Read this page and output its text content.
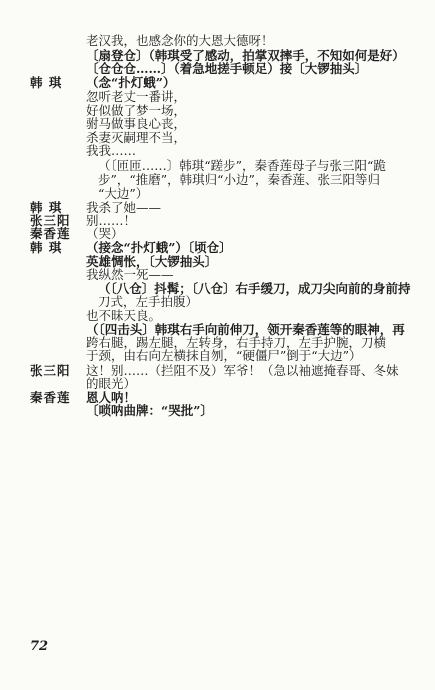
老汉我，也感念你的大恩大德呀！
〔扇登仓〕（韩琪受了感动，拍掌双摔手，不知如何是好）
〔仓仓仓……〕（着急地搓手顿足）接〔大锣抽头〕
韩 琪	（念“扑灯蛾”）
忽听老丈一番讲，
好似做了梦一场，
驸马做事良心丧，
杀妻灭嗣理不当，
我我……
（〔匝匝……〕韩琪“蹉步”，秦香莲母子与张三阳“跪
步”，“推磨”，韩琪归“小边”，秦香莲、张三阳等归
“大边”）
韩 琪	我杀了她——
张三阳	别……！
秦香莲	（哭）
韩 琪	（接念“扑灯蛾”）〔顷仓〕
英雄惆怅，〔大锣抽头〕
我纵然一死——
（〔八仓〕抖髯；〔八仓〕右手缓刀，成刀尖向前的身前持
刀式，左手拍腹）
也不昧天良。
（〔四击头〕韩琪右手向前伸刀，领开秦香莲等的眼神，再
跨右腿，踢左腿，左转身，右手持刀，左手护腕，刀横
于颈，由右向左横抹自刎，“硬僵尸”倒于“大边”）
张三阳	这！别……（拦阻不及）军爷！（急以袖遮掩春哥、冬妹
的眼光）
秦香莲	恩人呐！
〔唢呐曲牌：“哭批”〕
72
